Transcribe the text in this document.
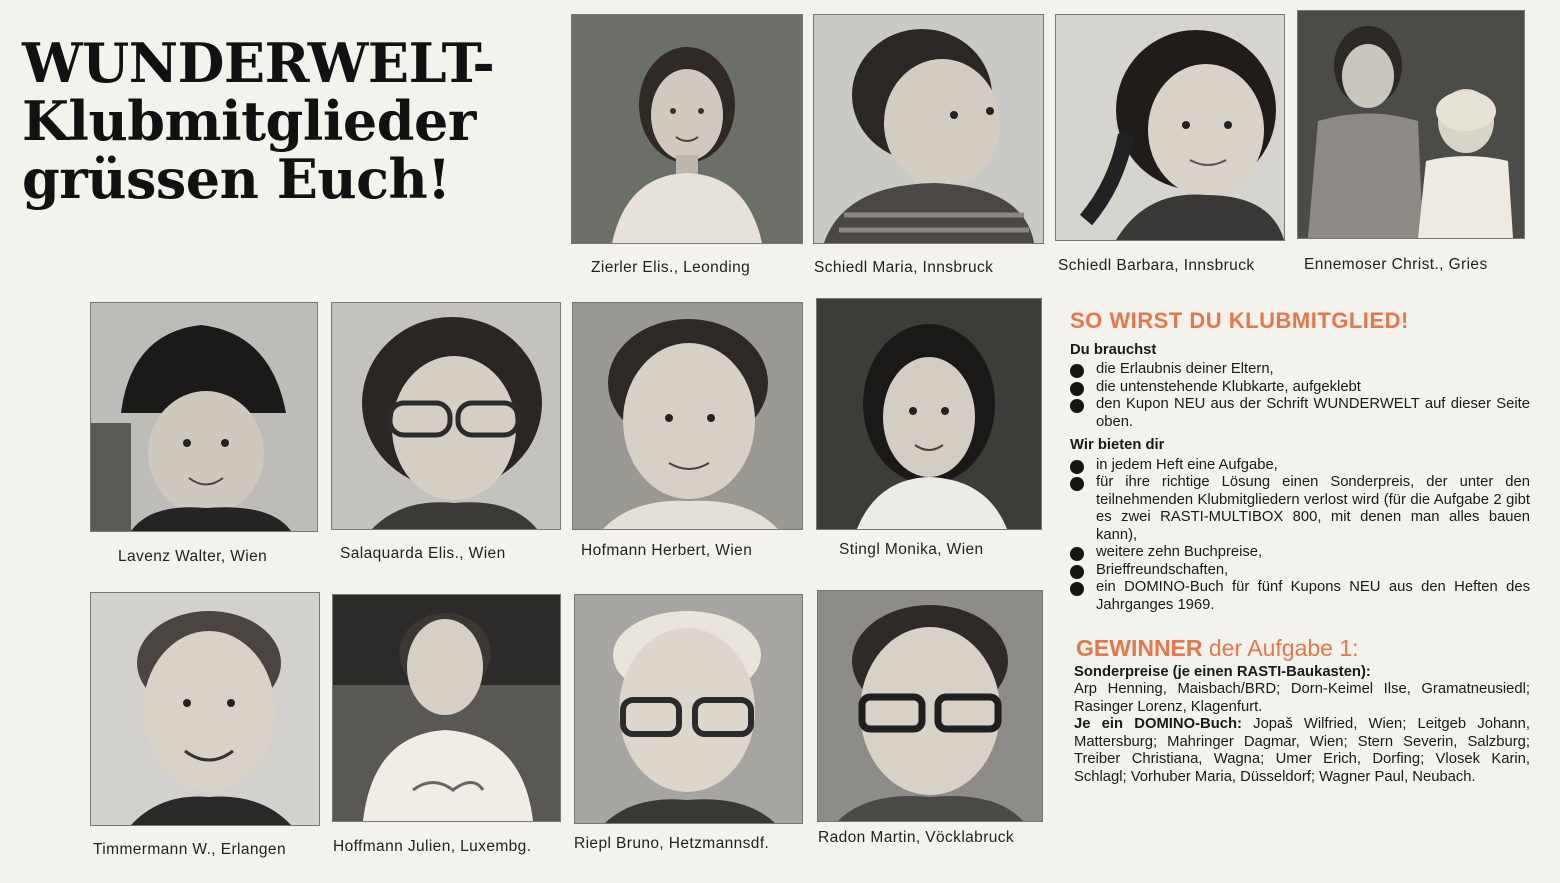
WUNDERWELT-
Klubmitglieder
grüssen Euch!
Zierler Elis., Leonding	Schiedl Maria, Innsbruck	Schiedl Barbara, Innsbruck	Ennemoser Christ., Gries
Lavenz Walter, Wien	Salaquarda Elis., Wien	Hofmann Herbert, Wien	Stingl Monika, Wien
Timmermann W., Erlangen	Hoffmann Julien, Luxembg.	Riepl Bruno, Hetzmannsdf.	Radon Martin, Vöcklabruck
SO WIRST DU KLUBMITGLIED!
Du brauchst
die Erlaubnis deiner Eltern,
die untenstehende Klubkarte, aufgeklebt
den Kupon NEU aus der Schrift WUNDERWELT auf dieser Seite oben.
Wir bieten dir
in jedem Heft eine Aufgabe,
für ihre richtige Lösung einen Sonderpreis, der unter den teilnehmenden Klubmitgliedern verlost wird (für die Aufgabe 2 gibt es zwei RASTI-MULTIBOX 800, mit denen man alles bauen kann),
weitere zehn Buchpreise,
Brieffreundschaften,
ein DOMINO-Buch für fünf Kupons NEU aus den Heften des Jahrganges 1969.
GEWINNER der Aufgabe 1:
Sonderpreise (je einen RASTI-Baukasten):
Arp Henning, Maisbach/BRD; Dorn-Keimel Ilse, Gramatneusiedl; Rasinger Lorenz, Klagenfurt.
Je ein DOMINO-Buch: Jopaš Wilfried, Wien; Leitgeb Johann, Mattersburg; Mahringer Dagmar, Wien; Stern Severin, Salzburg; Treiber Christiana, Wagna; Umer Erich, Dorfing; Vlosek Karin, Schlagl; Vorhuber Maria, Düsseldorf; Wagner Paul, Neubach.
